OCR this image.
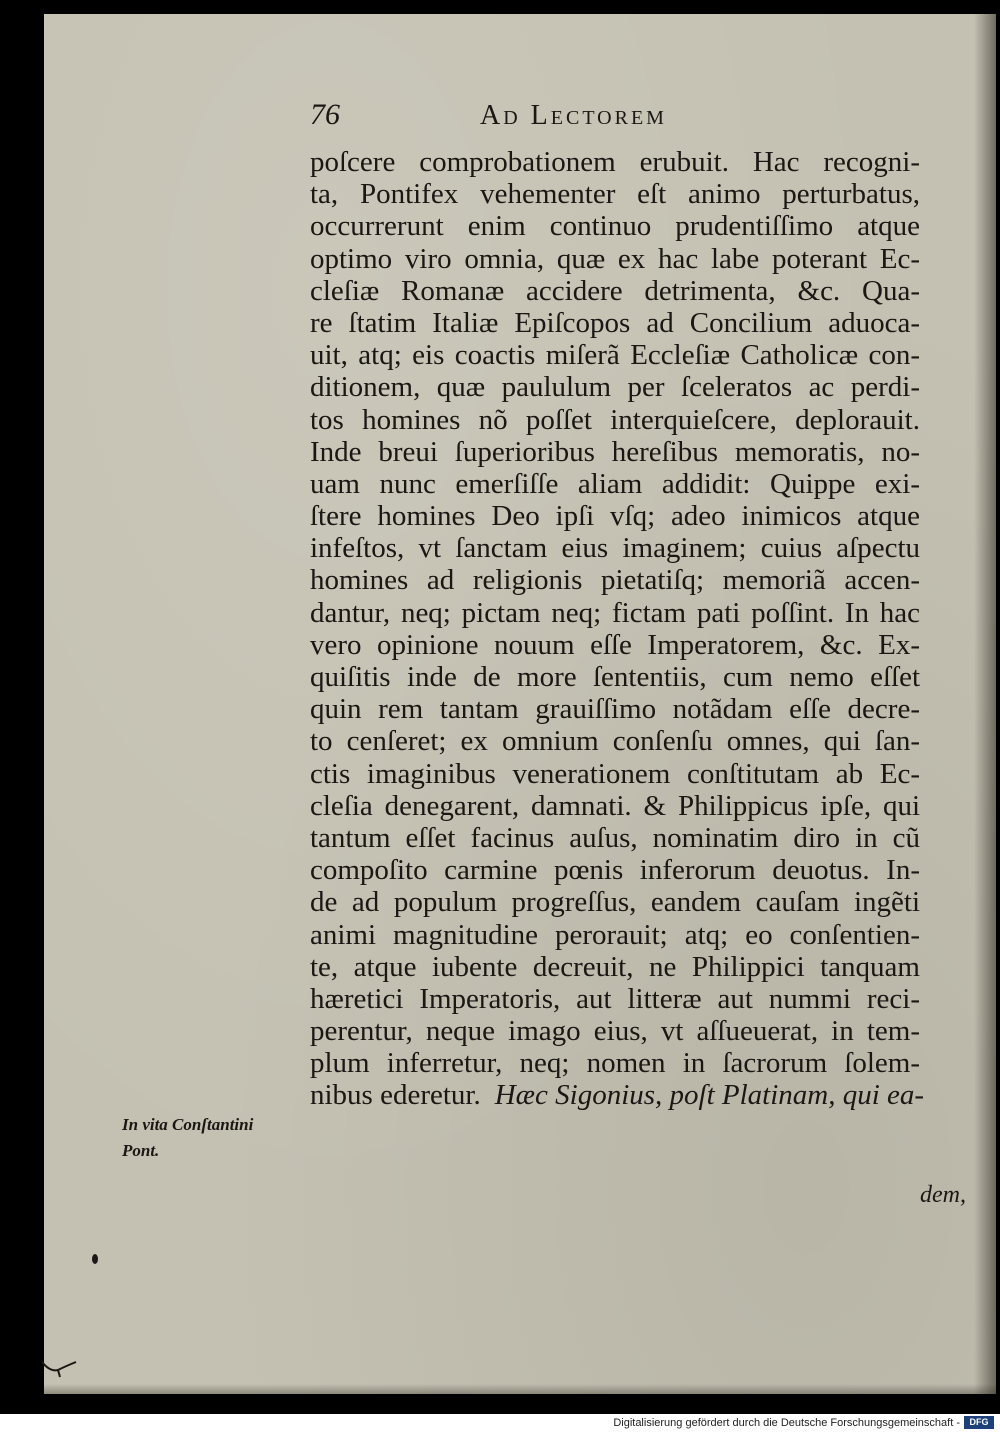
76	Ad Lectorem
poſcere comprobationem erubuit. Hac recogni-
ta, Pontifex vehementer eſt animo perturbatus,
occurrerunt enim continuo prudentiſſimo atque
optimo viro omnia, quæ ex hac labe poterant Ec-
cleſiæ Romanæ accidere detrimenta, &c. Qua-
re ſtatim Italiæ Epiſcopos ad Concilium aduoca-
uit, atq; eis coactis miſerã Eccleſiæ Catholicæ con-
ditionem, quæ paululum per ſceleratos ac perdi-
tos homines nõ poſſet interquieſcere, deplorauit.
Inde breui ſuperioribus hereſibus memoratis, no-
uam nunc emerſiſſe aliam addidit: Quippe exi-
ſtere homines Deo ipſi vſq; adeo inimicos atque
infeſtos, vt ſanctam eius imaginem; cuius aſpectu
homines ad religionis pietatiſq; memoriã accen-
dantur, neq; pictam neq; fictam pati poſſint. In hac
vero opinione nouum eſſe Imperatorem, &c. Ex-
quiſitis inde de more ſententiis, cum nemo eſſet
quin rem tantam grauiſſimo notãdam eſſe decre-
to cenſeret; ex omnium conſenſu omnes, qui ſan-
ctis imaginibus venerationem conſtitutam ab Ec-
cleſia denegarent, damnati. & Philippicus ipſe, qui
tantum eſſet facinus auſus, nominatim diro in cũ
compoſito carmine pœnis inferorum deuotus. In-
de ad populum progreſſus, eandem cauſam ingẽti
animi magnitudine perorauit; atq; eo conſentien-
te, atque iubente decreuit, ne Philippici tanquam
hæretici Imperatoris, aut litteræ aut nummi reci-
perentur, neque imago eius, vt aſſueuerat, in tem-
plum inferretur, neq; nomen in ſacrorum ſolem-
nibus ederetur. Hæc Sigonius, poſt Platinam, qui ea-
dem,
In vita Conſtantini
Pont.
Digitalisierung gefördert durch die Deutsche Forschungsgemeinschaft -	DFG
